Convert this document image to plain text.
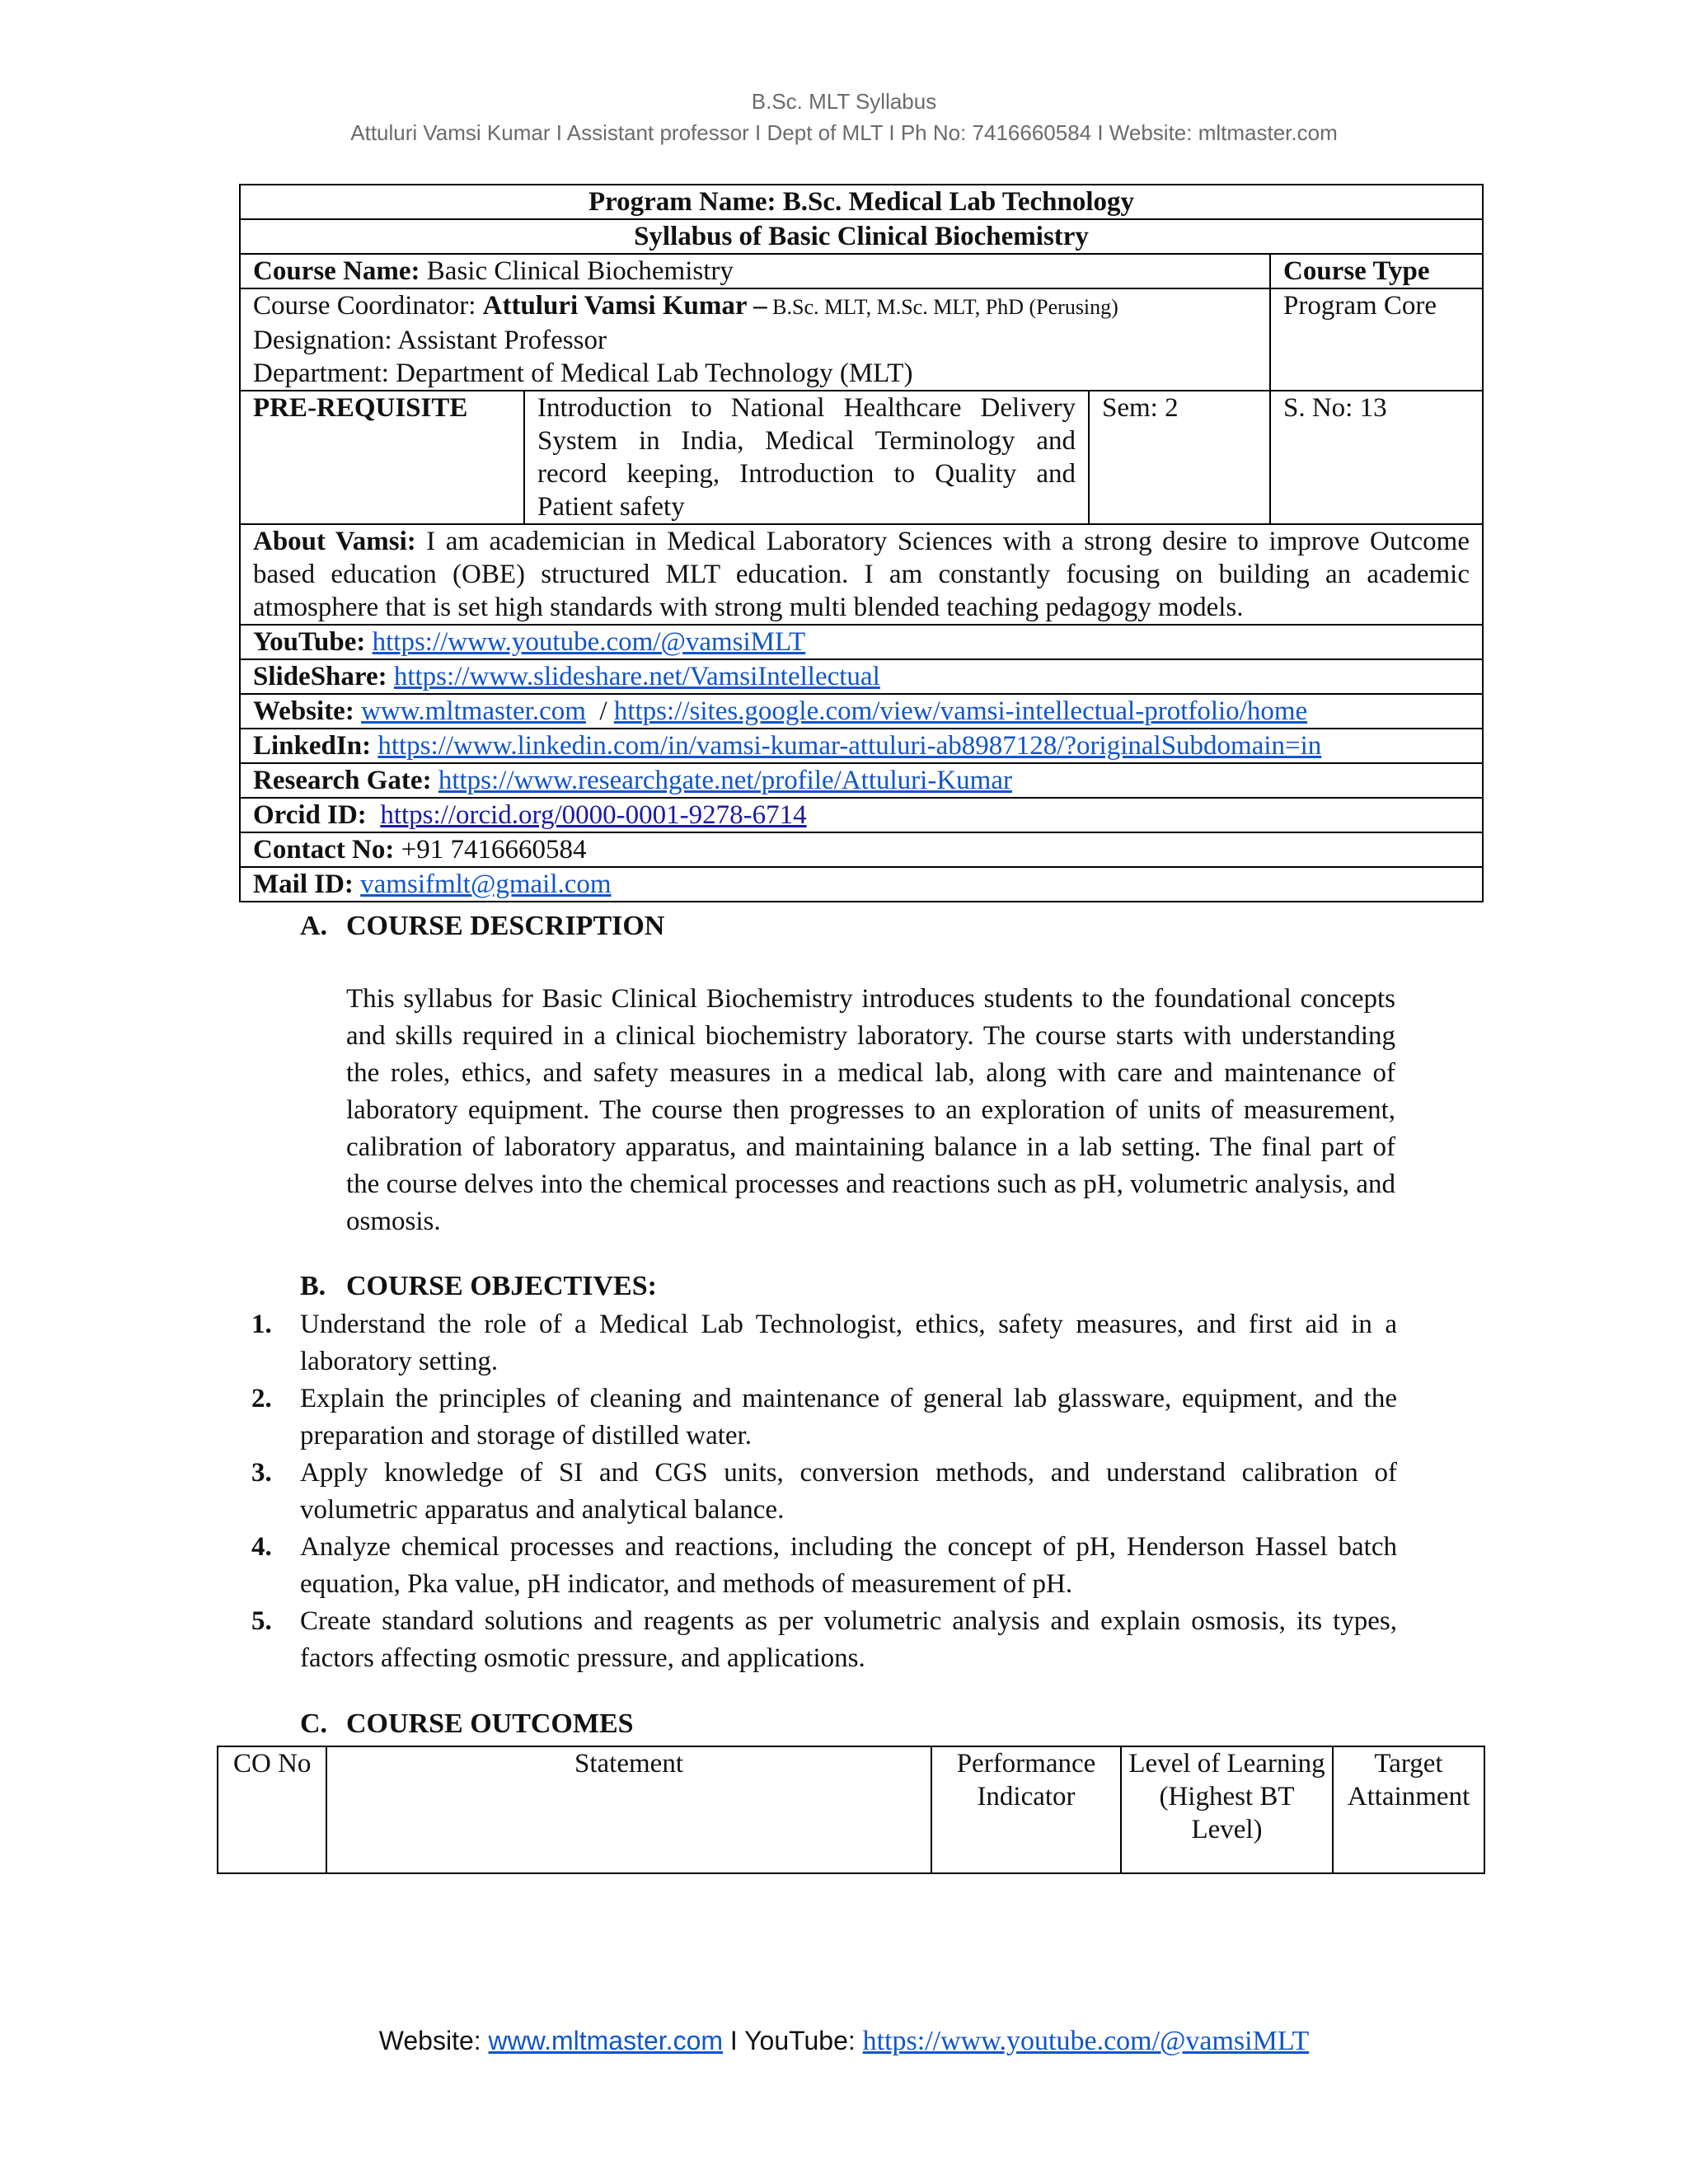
B.Sc. MLT Syllabus
Attuluri Vamsi Kumar I Assistant professor I Dept of MLT I Ph No: 7416660584 I Website: mltmaster.com
Program Name: B.Sc. Medical Lab Technology			
Syllabus of Basic Clinical Biochemistry			
Course Name: Basic Clinical Biochemistry			Course Type

Course Coordinator: Attuluri Vamsi Kumar – B.Sc. MLT, M.Sc. MLT, PhD (Perusing)
Designation: Assistant Professor
Department: Department of Medical Lab Technology (MLT)			Program Core
PRE-REQUISITE	Introduction to National Healthcare Delivery System in India, Medical Terminology and record keeping, Introduction to Quality and Patient safety	Sem: 2	S. No: 13
About Vamsi: I am academician in Medical Laboratory Sciences with a strong desire to improve Outcome based education (OBE) structured MLT education. I am constantly focusing on building an academic atmosphere that is set high standards with strong multi blended teaching pedagogy models.			
YouTube: https://www.youtube.com/@vamsiMLT			
SlideShare: https://www.slideshare.net/VamsiIntellectual			
Website: www.mltmaster.com  / https://sites.google.com/view/vamsi-intellectual-protfolio/home			
LinkedIn: https://www.linkedin.com/in/vamsi-kumar-attuluri-ab8987128/?originalSubdomain=in			
Research Gate: https://www.researchgate.net/profile/Attuluri-Kumar			
Orcid ID:  https://orcid.org/0000-0001-9278-6714			
Contact No: +91 7416660584			
Mail ID: vamsifmlt@gmail.com			
A. COURSE DESCRIPTION

This syllabus for Basic Clinical Biochemistry introduces students to the foundational concepts and skills required in a clinical biochemistry laboratory. The course starts with understanding the roles, ethics, and safety measures in a medical lab, along with care and maintenance of laboratory equipment. The course then progresses to an exploration of units of measurement, calibration of laboratory apparatus, and maintaining balance in a lab setting. The final part of the course delves into the chemical processes and reactions such as pH, volumetric analysis, and osmosis.

B. COURSE OBJECTIVES:
1.	Understand the role of a Medical Lab Technologist, ethics, safety measures, and first aid in a laboratory setting.
2.	Explain the principles of cleaning and maintenance of general lab glassware, equipment, and the preparation and storage of distilled water.
3.	Apply knowledge of SI and CGS units, conversion methods, and understand calibration of volumetric apparatus and analytical balance.
4.	Analyze chemical processes and reactions, including the concept of pH, Henderson Hassel batch equation, Pka value, pH indicator, and methods of measurement of pH.
5.	Create standard solutions and reagents as per volumetric analysis and explain osmosis, its types, factors affecting osmotic pressure, and applications.
C. COURSE OUTCOMES
CO No	Statement	Performance Indicator	Level of Learning (Highest BT Level)	Target Attainment
Website: www.mltmaster.com I YouTube: https://www.youtube.com/@vamsiMLT
